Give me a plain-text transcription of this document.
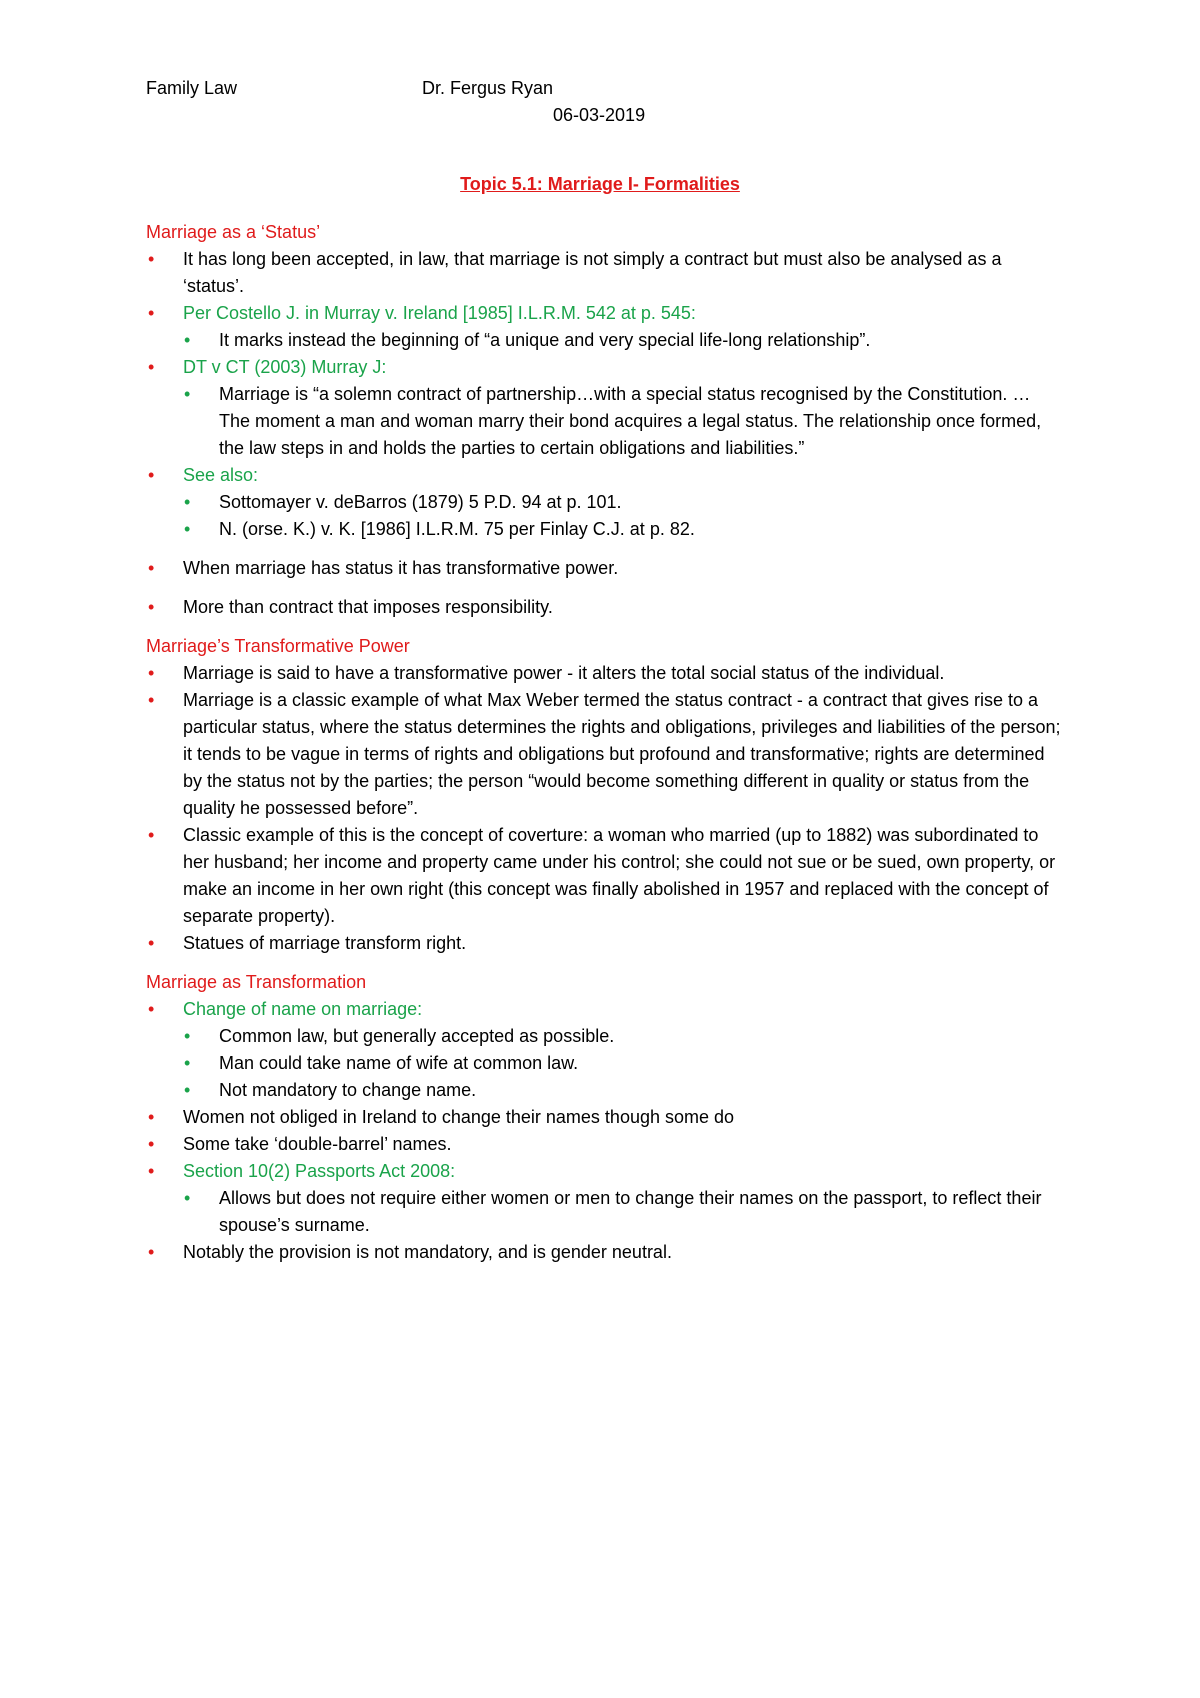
Family Law	Dr. Fergus Ryan
06-03-2019
Topic 5.1: Marriage I- Formalities
Marriage as a ‘Status’
• It has long been accepted, in law, that marriage is not simply a contract but must also be analysed as a ‘status’.
• Per Costello J. in Murray v. Ireland [1985] I.L.R.M. 542 at p. 545:
• It marks instead the beginning of “a unique and very special life-long relationship”.
• DT v CT (2003) Murray J:
• Marriage is “a solemn contract of partnership…with a special status recognised by the Constitution. … The moment a man and woman marry their bond acquires a legal status. The relationship once formed, the law steps in and holds the parties to certain obligations and liabilities.”
• See also:
• Sottomayer v. deBarros (1879) 5 P.D. 94 at p. 101.
• N. (orse. K.) v. K. [1986] I.L.R.M. 75 per Finlay C.J. at p. 82.
• When marriage has status it has transformative power.
• More than contract that imposes responsibility.
Marriage’s Transformative Power
• Marriage is said to have a transformative power - it alters the total social status of the individual.
• Marriage is a classic example of what Max Weber termed the status contract - a contract that gives rise to a particular status, where the status determines the rights and obligations, privileges and liabilities of the person; it tends to be vague in terms of rights and obligations but profound and transformative; rights are determined by the status not by the parties; the person “would become something different in quality or status from the quality he possessed before”.
• Classic example of this is the concept of coverture: a woman who married (up to 1882) was subordinated to her husband; her income and property came under his control; she could not sue or be sued, own property, or make an income in her own right (this concept was finally abolished in 1957 and replaced with the concept of separate property).
• Statues of marriage transform right.
Marriage as Transformation
• Change of name on marriage:
• Common law, but generally accepted as possible.
• Man could take name of wife at common law.
• Not mandatory to change name.
• Women not obliged in Ireland to change their names though some do
• Some take ‘double-barrel’ names.
• Section 10(2) Passports Act 2008:
• Allows but does not require either women or men to change their names on the passport, to reflect their spouse’s surname.
• Notably the provision is not mandatory, and is gender neutral.
